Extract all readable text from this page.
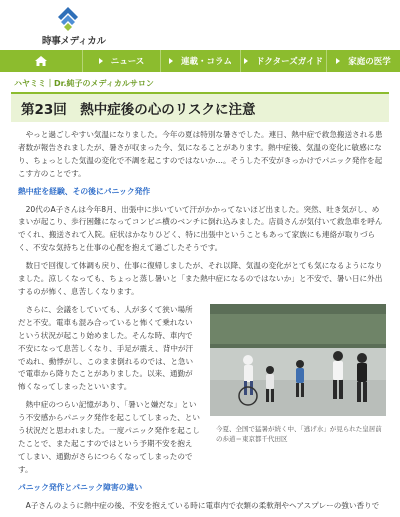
時事メディカル
ニュース	連載・コラム	ドクターズガイド	家庭の医学
ハヤミミ｜Dr.純子のメディカルサロン
第23回　熱中症後の心のリスクに注意

やっと過ごしやすい気温になりました。今年の夏は特別な暑さでした。連日、熱中症で救急搬送される患者数が報告されましたが、暑さが収まった今、気になることがあります。熱中症後、気温の変化に敏感になり、ちょっとした気温の変化で不調を起こすのではないか…。そうした不安がきっかけでパニック発作を起こす方のことです。

熱中症を経験、その後にパニック発作

20代のA子さんは今年8月、出張中に歩いていて汗がかかってないほど出ました。突然、吐き気がし、めまいが起こり、歩行困難になってコンビニ横のベンチに倒れ込みました。店員さんが気付いて救急車を呼んでくれ、搬送されて入院。症状はかなりひどく、特に出張中ということもあって家族にも連絡が取りづらく、不安な気持ちと仕事の心配を抱えて過ごしたそうです。

数日で回復して体調も戻り、仕事に復帰しましたが、それ以降、気温の変化がとても気になるようになりました。涼しくなっても、ちょっと蒸し暑いと「また熱中症になるのではないか」と不安で、暑い日に外出するのが怖く、息苦しくなります。

今夏、全国で猛暑が続く中、「逃げ水」が見られた皇居前の歩道＝東京都千代田区

さらに、会議をしていても、人が多くて狭い場所だと不安。電車も混み合っていると怖くて乗れないという状況が起こり始めました。そんな時、車内で不安になって息苦しくなり、手足が震え、背中が汗でぬれ、動悸がし、このまま倒れるのでは、と急いで電車から降りたことがありました。以来、通勤が怖くなってしまったといいます。

熱中症のつらい記憶があり、「暑いと嫌だな」という不安感からパニック発作を起こしてしまった、という状況だと思われました。一度パニック発作を起こしたことで、また起こすのではという予期不安を抱えてしまい、通勤がさらにつらくなってしまったのです。

パニック発作とパニック障害の違い

A子さんのように熱中症の後、不安を抱えている時に電車内で衣類の柔軟剤やヘアスプレーの強い香りで
